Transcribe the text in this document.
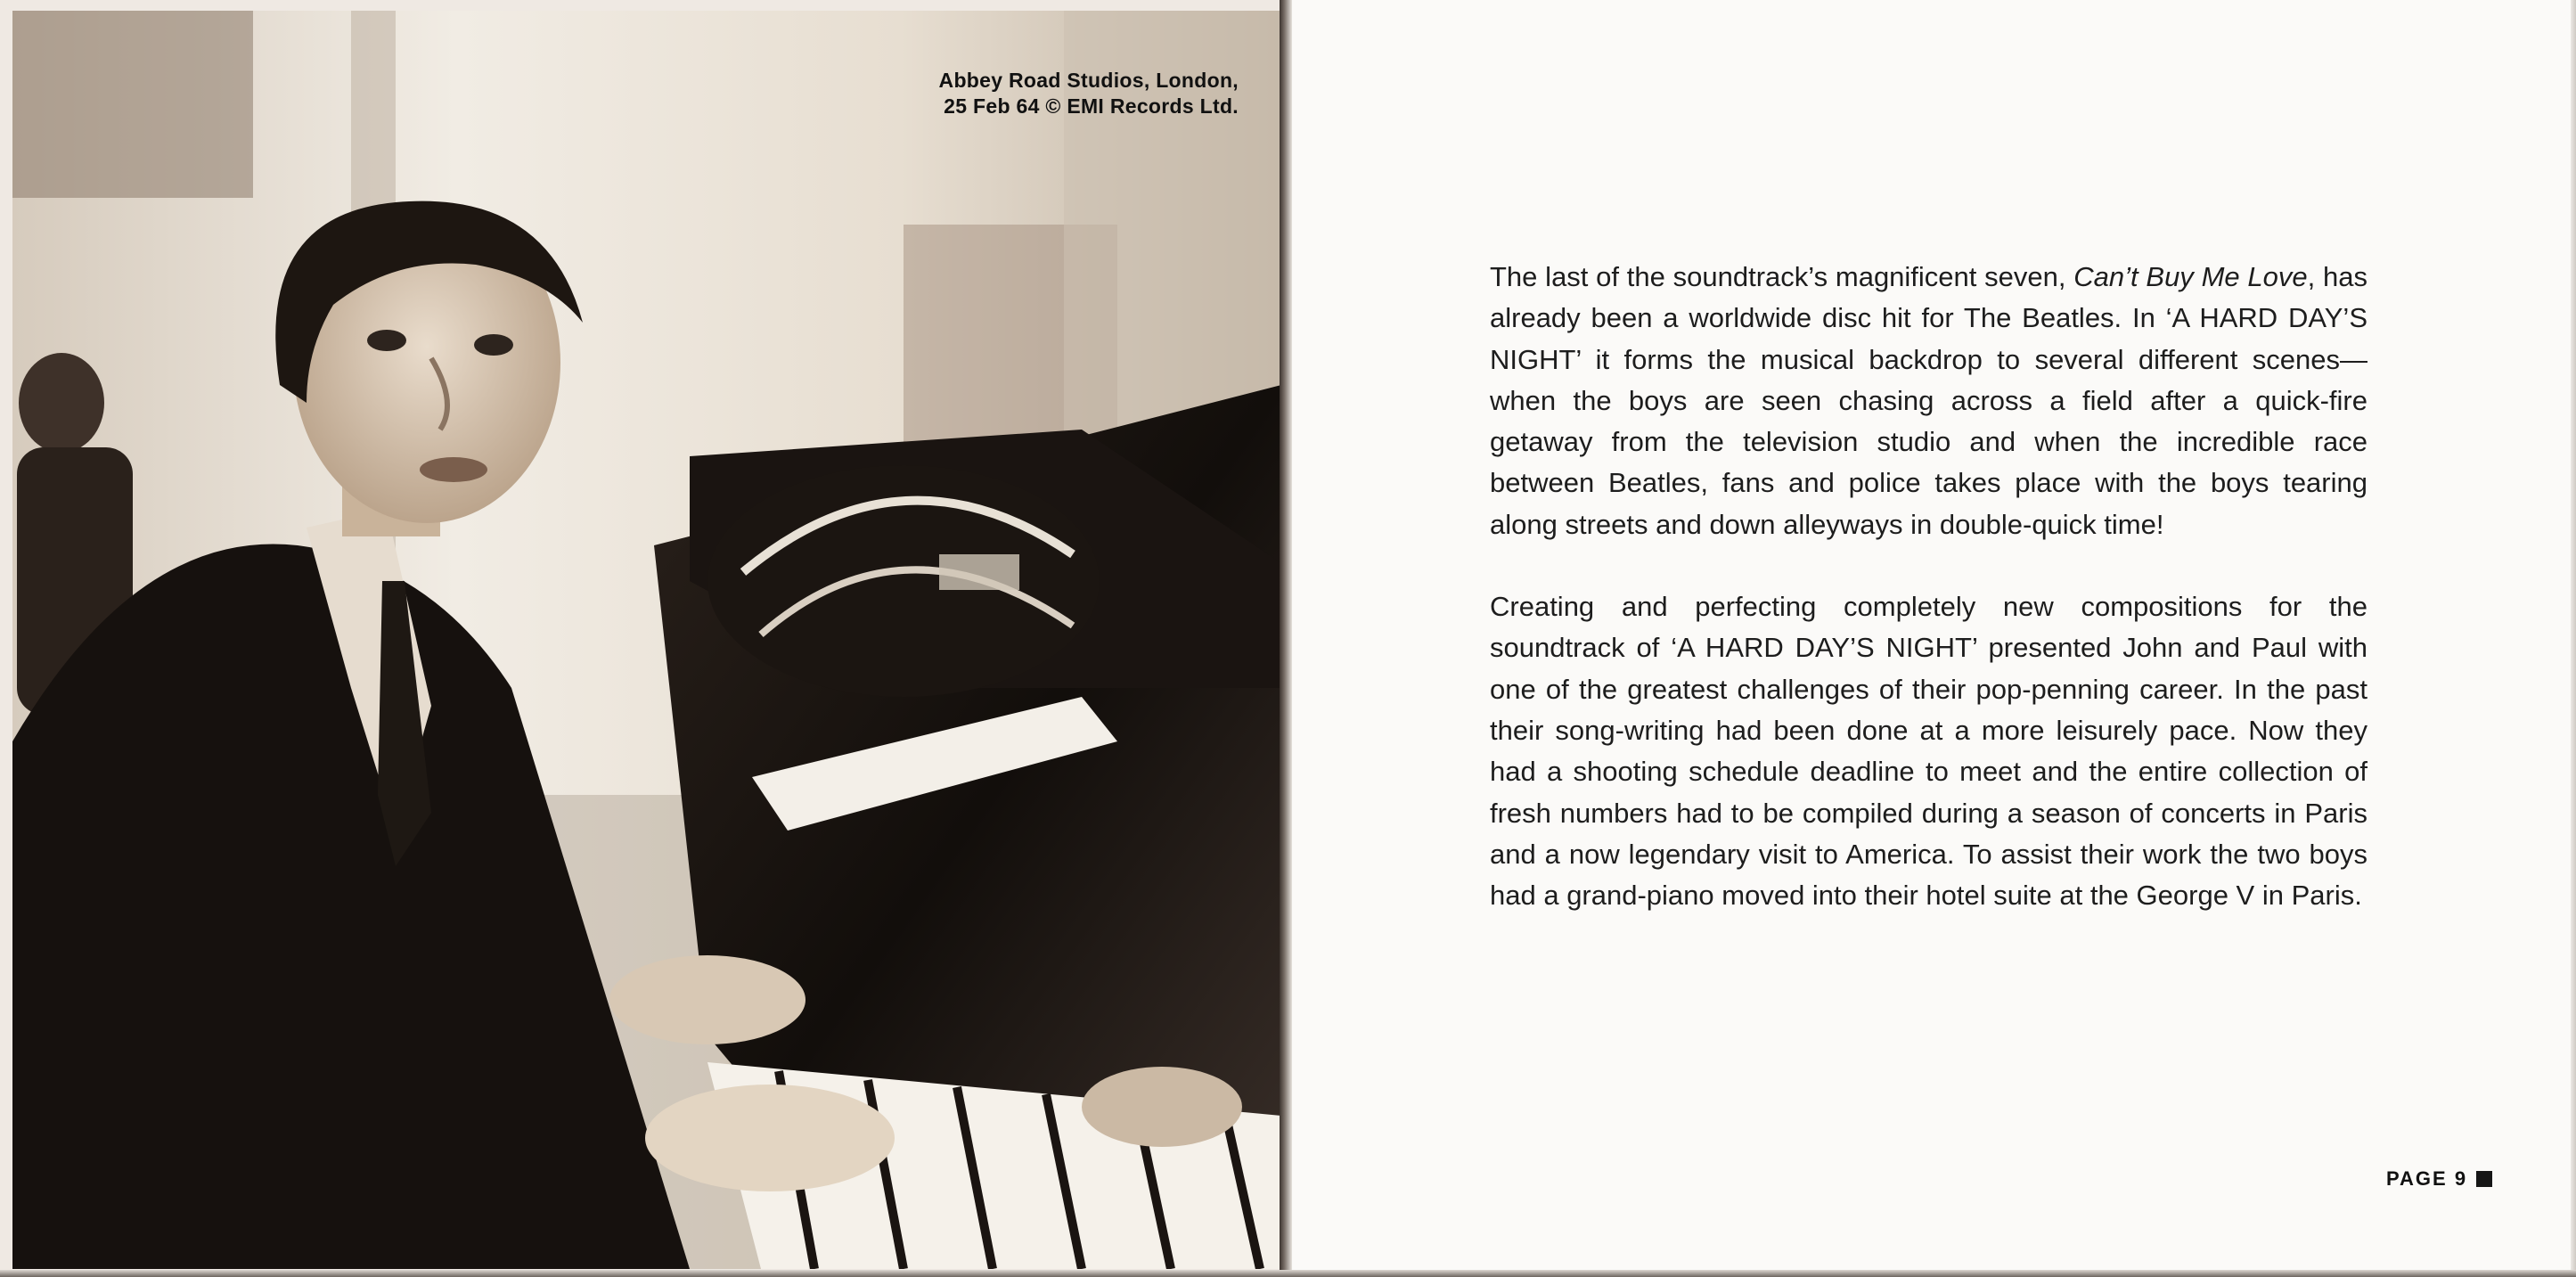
Abbey Road Studios, London,
25 Feb 64 © EMI Records Ltd.

The last of the soundtrack’s magnificent seven, Can’t Buy Me Love, has already been a worldwide disc hit for The Beatles. In ‘A HARD DAY’S NIGHT’ it forms the musical backdrop to several different scenes—when the boys are seen chasing across a field after a quick-fire getaway from the television studio and when the incredible race between Beatles, fans and police takes place with the boys tearing along streets and down alleyways in double-quick time!

Creating and perfecting completely new compositions for the soundtrack of ‘A HARD DAY’S NIGHT’ presented John and Paul with one of the greatest challenges of their pop-penning career. In the past their song-writing had been done at a more leisurely pace. Now they had a shooting schedule deadline to meet and the entire collection of fresh numbers had to be compiled during a season of concerts in Paris and a now legendary visit to America. To assist their work the two boys had a grand-piano moved into their hotel suite at the George V in Paris.

PAGE 9
